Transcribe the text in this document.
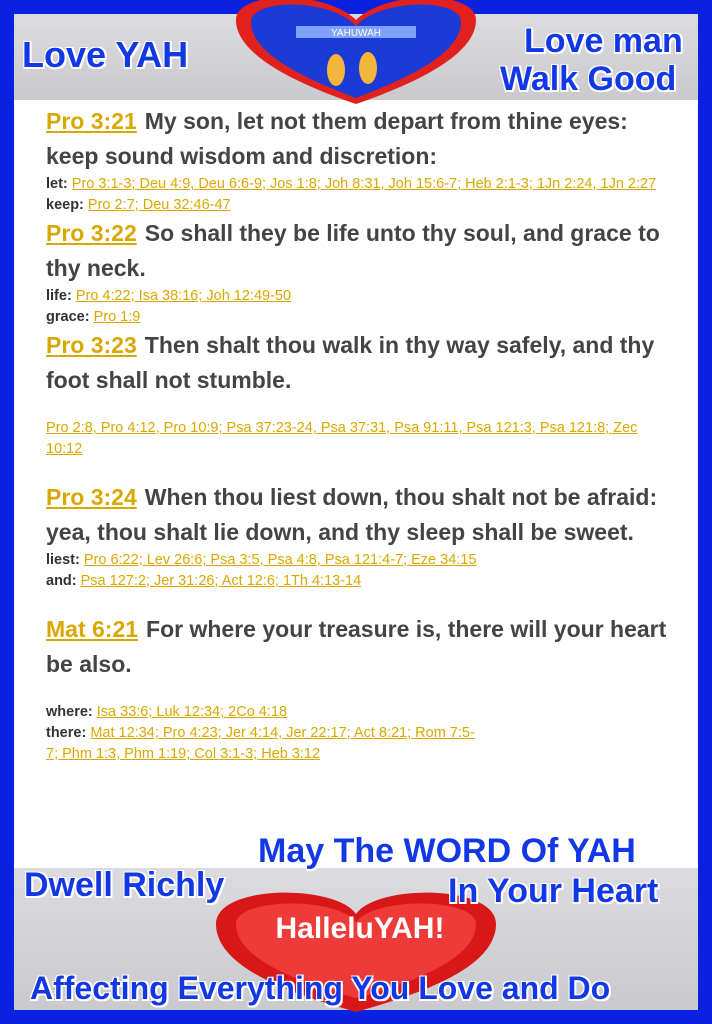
YAHUWAH
Love YAH	Love man
Walk Good
Pro 3:21 My son, let not them depart from thine eyes: keep sound wisdom and discretion:
let: Pro 3:1-3; Deu 4:9, Deu 6:6-9; Jos 1:8; Joh 8:31, Joh 15:6-7; Heb 2:1-3; 1Jn 2:24, 1Jn 2:27
keep: Pro 2:7; Deu 32:46-47
Pro 3:22 So shall they be life unto thy soul, and grace to thy neck.
life: Pro 4:22; Isa 38:16; Joh 12:49-50
grace: Pro 1:9
Pro 3:23 Then shalt thou walk in thy way safely, and thy foot shall not stumble.
Pro 2:8, Pro 4:12, Pro 10:9; Psa 37:23-24, Psa 37:31, Psa 91:11, Psa 121:3, Psa 121:8; Zec 10:12
Pro 3:24 When thou liest down, thou shalt not be afraid: yea, thou shalt lie down, and thy sleep shall be sweet.
liest: Pro 6:22; Lev 26:6; Psa 3:5, Psa 4:8, Psa 121:4-7; Eze 34:15
and: Psa 127:2; Jer 31:26; Act 12:6; 1Th 4:13-14
Mat 6:21 For where your treasure is, there will your heart be also.
where: Isa 33:6; Luk 12:34; 2Co 4:18
there: Mat 12:34; Pro 4:23; Jer 4:14, Jer 22:17; Act 8:21; Rom 7:5-7; Phm 1:3, Phm 1:19; Col 3:1-3; Heb 3:12
May The WORD Of YAH
Dwell Richly	In Your Heart
HalleluYAH!
Affecting Everything You Love and Do
